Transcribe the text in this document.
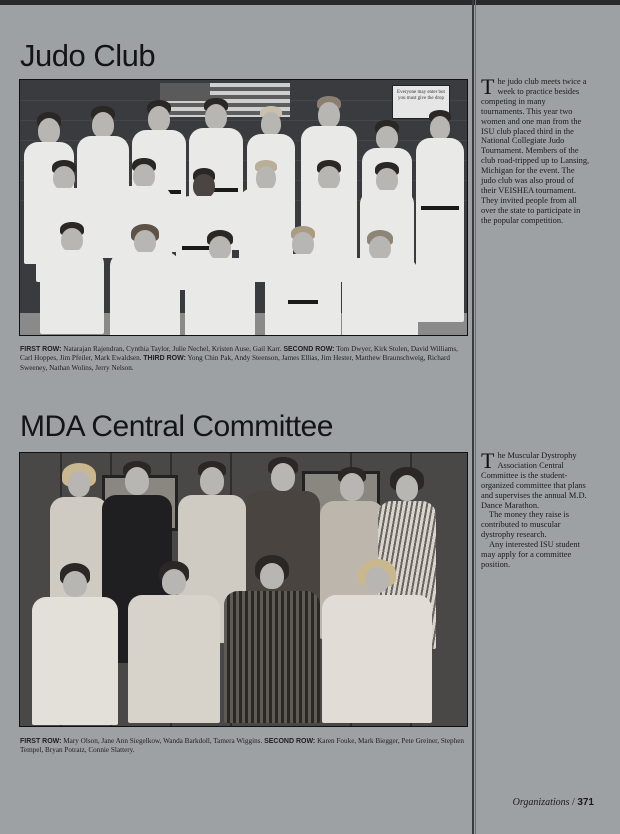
Judo Club
Everyone may enter but you must give the drop

FIRST ROW: Natarajan Rajendran, Cynthia Taylor, Julie Nechel, Kristen Ause, Gail Karr. SECOND ROW: Tom Dwyer, Kirk Stolen, David Williams, Carl Hoppes, Jim Pfeiler, Mark Ewaldsen. THIRD ROW: Yong Chin Pak, Andy Steenson, James Ellias, Jim Hester, Matthew Braunschweig, Richard Sweeney, Nathan Wolins, Jerry Nelson.

The judo club meets twice a week to practice besides competing in many tournaments. This year two women and one man from the ISU club placed third in the National Collegiate Judo Tournament. Members of the club road-tripped up to Lansing, Michigan for the event. The judo club was also proud of their VEISHEA tournament. They invited people from all over the state to participate in the popular competition.

MDA Central Committee

FIRST ROW: Mary Olson, Jane Ann Siegelkow, Wanda Barkdoll, Tamera Wiggins. SECOND ROW: Karen Fouke, Mark Biegger, Pete Greiner, Stephen Tempel, Bryan Potratz, Connie Slattery.

The Muscular Dystrophy Association Central Committee is the student-organized committee that plans and supervises the annual M.D. Dance Marathon.
The money they raise is contributed to muscular dystrophy research.
Any interested ISU student may apply for a committee position.

Organizations / 371
